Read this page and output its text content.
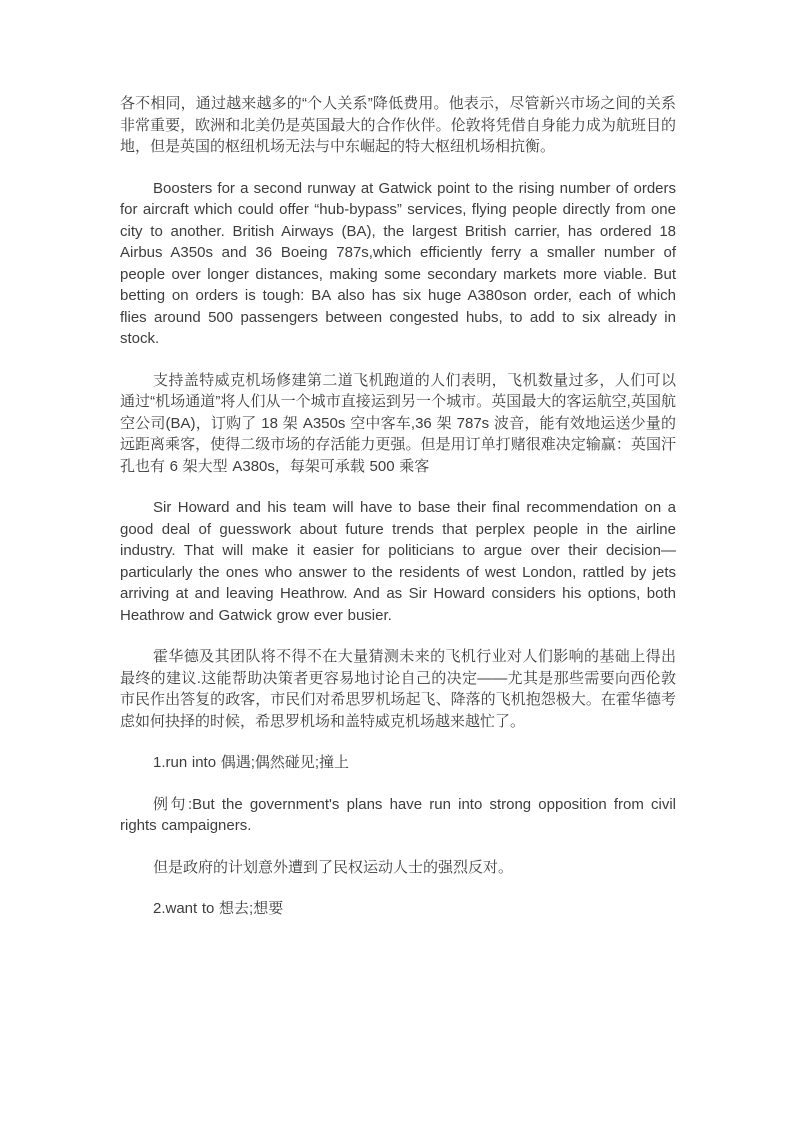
各不相同，通过越来越多的“个人关系”降低费用。他表示，尽管新兴市场之间的关系非常重要，欧洲和北美仍是英国最大的合作伙伴。伦敦将凭借自身能力成为航班目的地，但是英国的枢纽机场无法与中东崛起的特大枢纽机场相抗衡。

Boosters for a second runway at Gatwick point to the rising number of orders for aircraft which could offer “hub-bypass” services, flying people directly from one city to another. British Airways (BA), the largest British carrier, has ordered 18 Airbus A350s and 36 Boeing 787s,which efficiently ferry a smaller number of people over longer distances, making some secondary markets more viable. But betting on orders is tough: BA also has six huge A380son order, each of which flies around 500 passengers between congested hubs, to add to six already in stock.

支持盖特威克机场修建第二道飞机跑道的人们表明，飞机数量过多，人们可以通过“机场通道”将人们从一个城市直接运到另一个城市。英国最大的客运航空,英国航空公司(BA)，订购了 18 架 A350s 空中客车,36 架 787s 波音，能有效地运送少量的远距离乘客，使得二级市场的存活能力更强。但是用订单打赌很难决定输赢：英国汗孔也有 6 架大型 A380s，每架可承载 500 乘客

Sir Howard and his team will have to base their final recommendation on a good deal of guesswork about future trends that perplex people in the airline industry. That will make it easier for politicians to argue over their decision—particularly the ones who answer to the residents of west London, rattled by jets arriving at and leaving Heathrow. And as Sir Howard considers his options, both Heathrow and Gatwick grow ever busier.

霍华德及其团队将不得不在大量猜测未来的飞机行业对人们影响的基础上得出最终的建议.这能帮助决策者更容易地讨论自己的决定——尤其是那些需要向西伦敦市民作出答复的政客，市民们对希思罗机场起飞、降落的飞机抱怨极大。在霍华德考虑如何抉择的时候，希思罗机场和盖特威克机场越来越忙了。

1.run into 偶遇;偶然碰见;撞上

例句:But the government's plans have run into strong opposition from civil rights campaigners.

但是政府的计划意外遭到了民权运动人士的强烈反对。

2.want to 想去;想要
